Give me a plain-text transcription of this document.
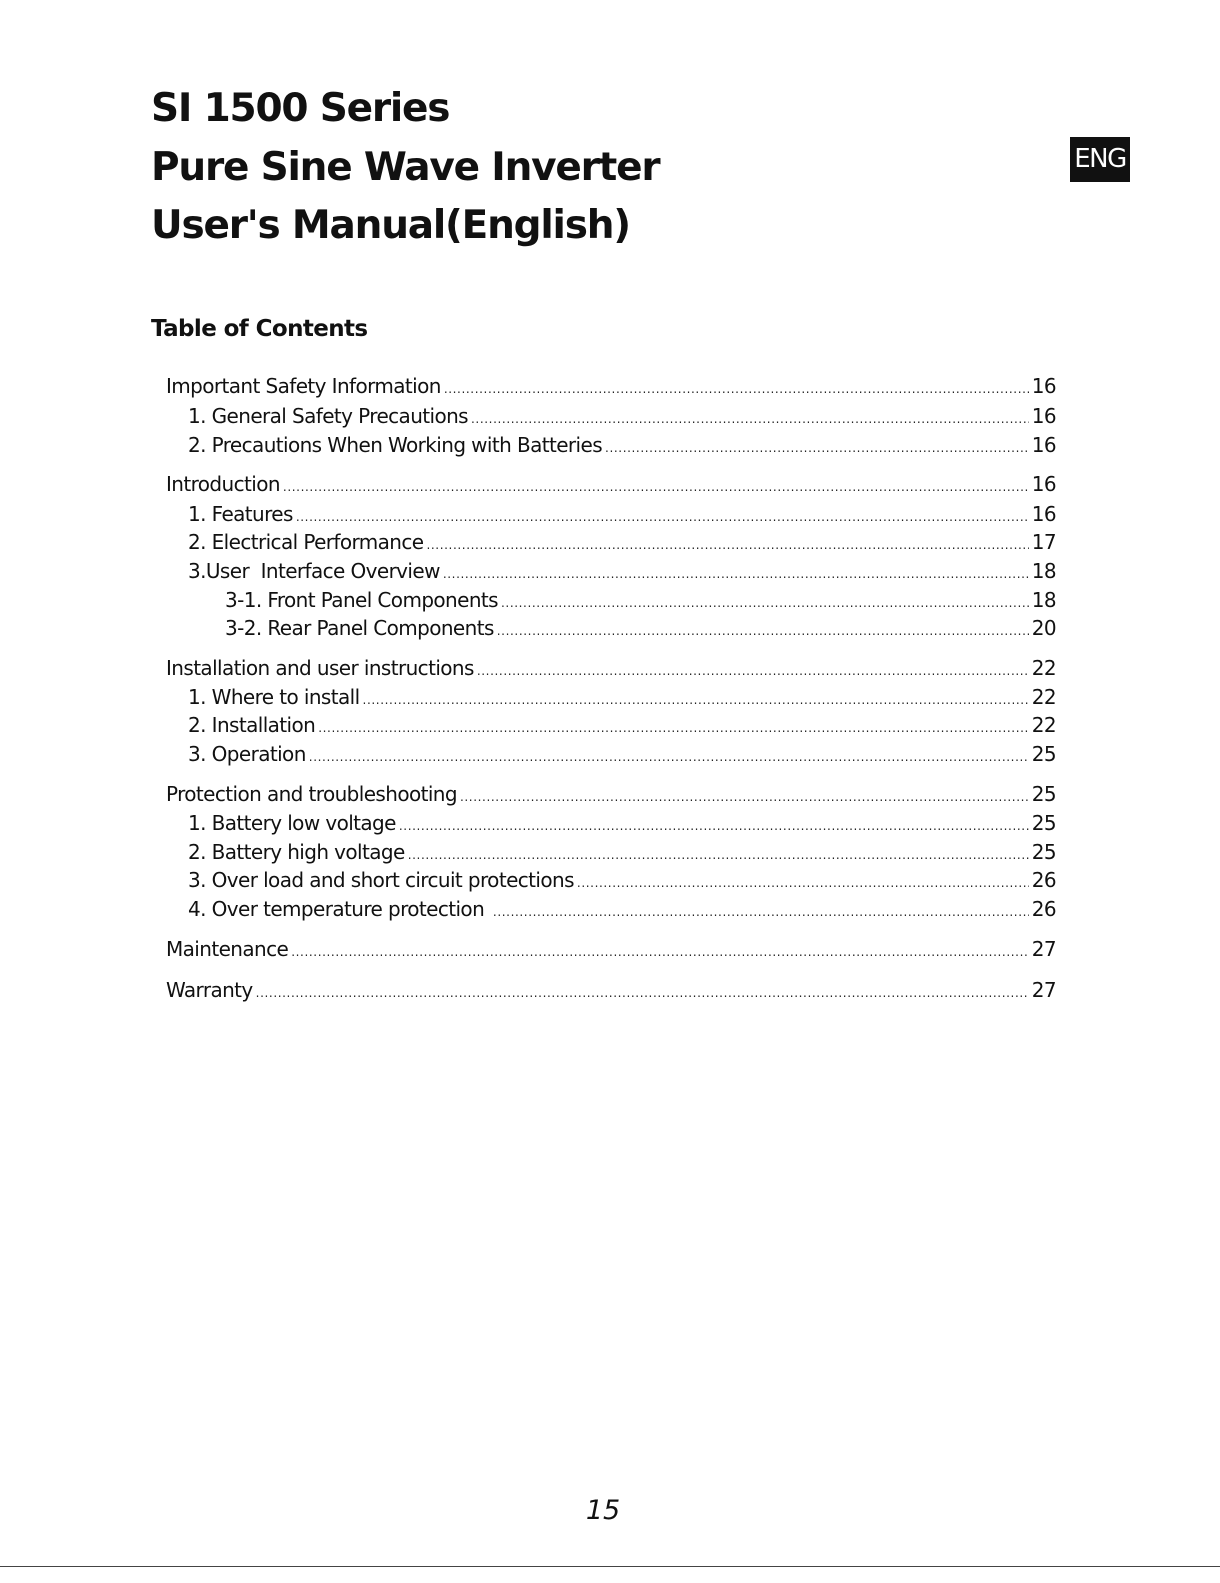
SI 1500 Series
Pure Sine Wave Inverter
User's Manual(English)
ENG
Table of Contents
Important Safety Information .....	16
1. General Safety Precautions .....	16
2. Precautions When Working with Batteries .....	16
Introduction .....	16
1. Features .....	16
2. Electrical Performance .....	17
3.User  Interface Overview .....	18
3-1. Front Panel Components .....	18
3-2. Rear Panel Components .....	20
Installation and user instructions .....	22
1. Where to install .....	22
2. Installation .....	22
3. Operation .....	25
Protection and troubleshooting .....	25
1. Battery low voltage .....	25
2. Battery high voltage .....	25
3. Over load and short circuit protections .....	26
4. Over temperature protection .....	26
Maintenance .....	27
Warranty .....	27
15
